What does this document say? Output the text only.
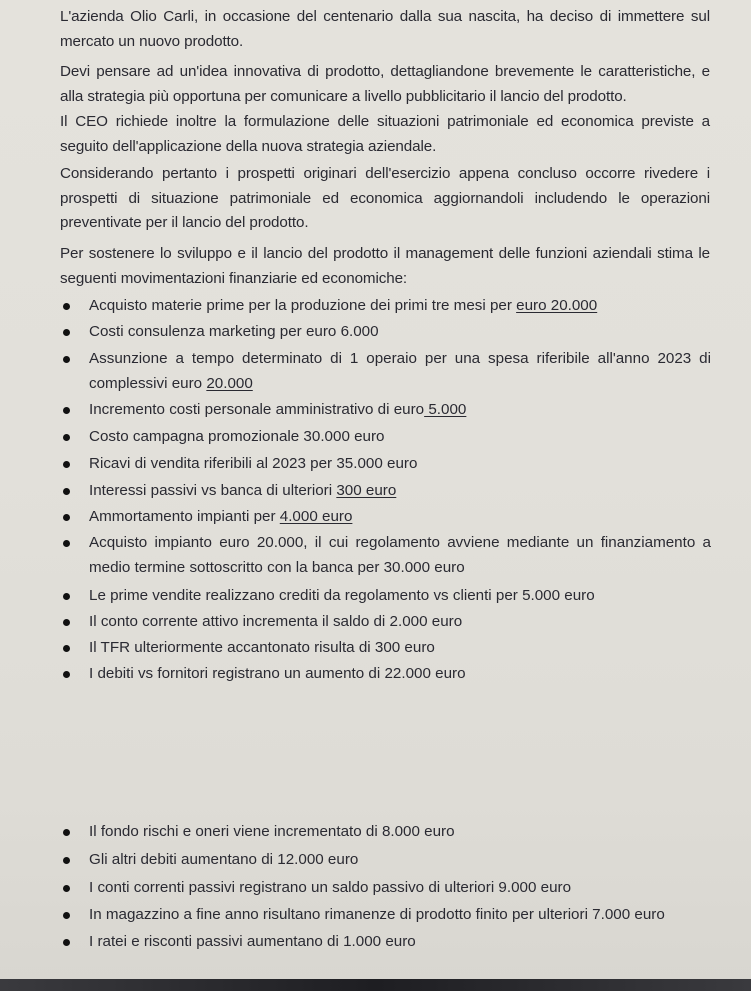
L'azienda Olio Carli, in occasione del centenario dalla sua nascita, ha deciso di immettere sul mercato un nuovo prodotto.

Devi pensare ad un'idea innovativa di prodotto, dettagliandone brevemente le caratteristiche, e alla strategia più opportuna per comunicare a livello pubblicitario il lancio del prodotto.

Il CEO richiede inoltre la formulazione delle situazioni patrimoniale ed economica previste a seguito dell'applicazione della nuova strategia aziendale.

Considerando pertanto i prospetti originari dell'esercizio appena concluso occorre rivedere i prospetti di situazione patrimoniale ed economica aggiornandoli includendo le operazioni preventivate per il lancio del prodotto.

Per sostenere lo sviluppo e il lancio del prodotto il management delle funzioni aziendali stima le seguenti movimentazioni finanziarie ed economiche:

Acquisto materie prime per la produzione dei primi tre mesi per euro 20.000
Costi consulenza marketing per euro 6.000
Assunzione a tempo determinato di 1 operaio per una spesa riferibile all'anno 2023 di complessivi euro 20.000
Incremento costi personale amministrativo di euro 5.000
Costo campagna promozionale 30.000 euro
Ricavi di vendita riferibili al 2023 per 35.000 euro
Interessi passivi vs banca di ulteriori 300 euro
Ammortamento impianti per 4.000 euro
Acquisto impianto euro 20.000, il cui regolamento avviene mediante un finanziamento a medio termine sottoscritto con la banca per 30.000 euro
Le prime vendite realizzano crediti da regolamento vs clienti per 5.000 euro
Il conto corrente attivo incrementa il saldo di 2.000 euro
Il TFR ulteriormente accantonato risulta di 300 euro
I debiti vs fornitori registrano un aumento di 22.000 euro
Il fondo rischi e oneri viene incrementato di 8.000 euro
Gli altri debiti aumentano di 12.000 euro
I conti correnti passivi registrano un saldo passivo di ulteriori 9.000 euro
In magazzino a fine anno risultano rimanenze di prodotto finito per ulteriori 7.000 euro
I ratei e risconti passivi aumentano di 1.000 euro
